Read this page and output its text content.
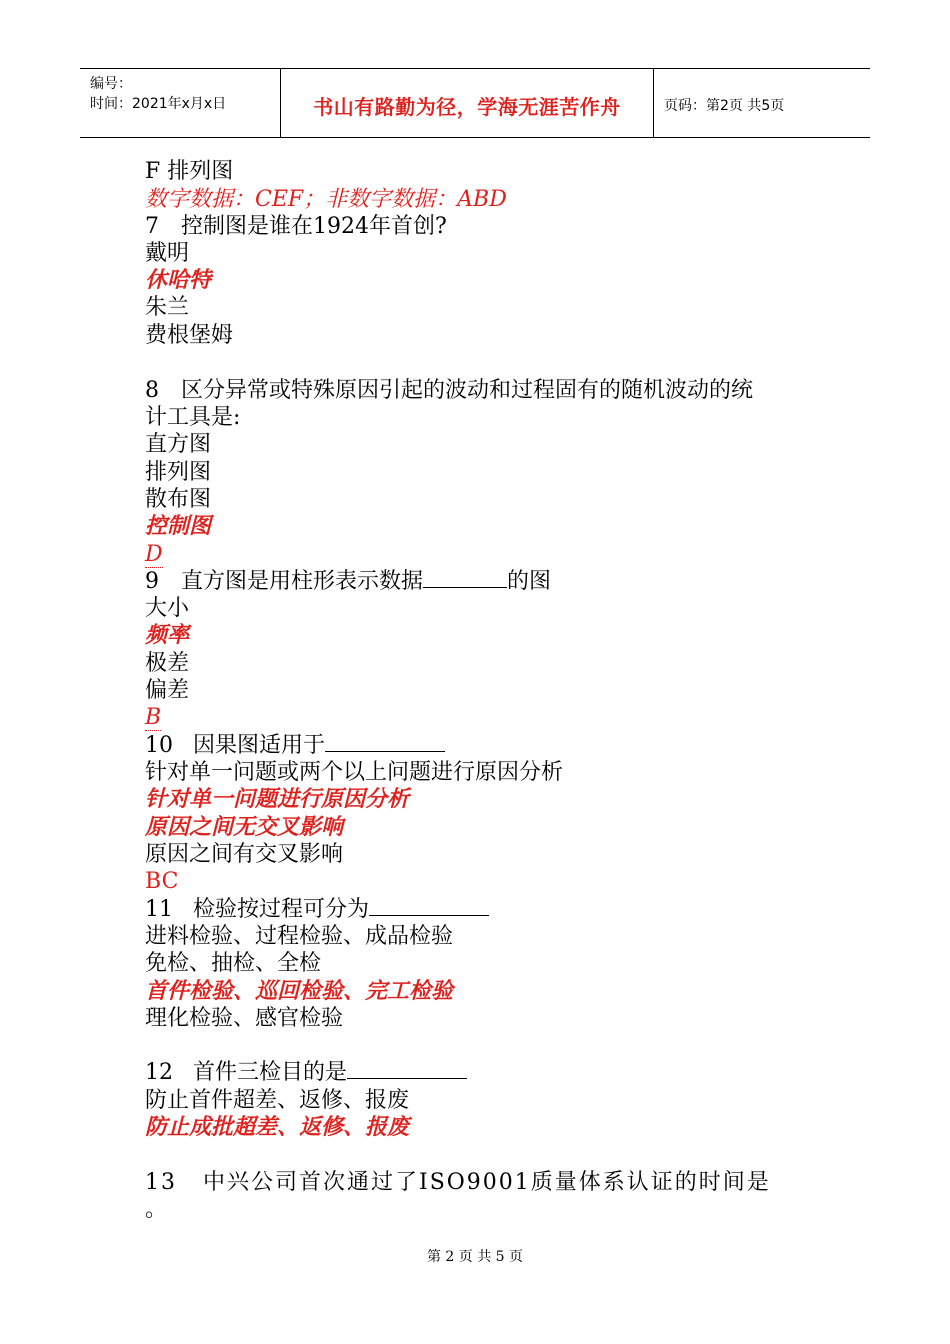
编号：
时间：2021年x月x日	书山有路勤为径，学海无涯苦作舟	页码：第2页 共5页
F 排列图
数字数据：CEF；非数字数据：ABD
7 控制图是谁在1924年首创?
戴明
休哈特
朱兰
费根堡姆
8 区分异常或特殊原因引起的波动和过程固有的随机波动的统
计工具是:
直方图
排列图
散布图
控制图
D
9 直方图是用柱形表示数据	的图
大小
频率
极差
偏差
B
10 因果图适用于
针对单一问题或两个以上问题进行原因分析
针对单一问题进行原因分析
原因之间无交叉影响
原因之间有交叉影响
BC
11 检验按过程可分为
进料检验、过程检验、成品检验
免检、抽检、全检
首件检验、巡回检验、完工检验
理化检验、感官检验
12 首件三检目的是
防止首件超差、返修、报废
防止成批超差、返修、报废
13 中兴公司首次通过了ISO9001质量体系认证的时间是
。
第 2 页 共 5 页
